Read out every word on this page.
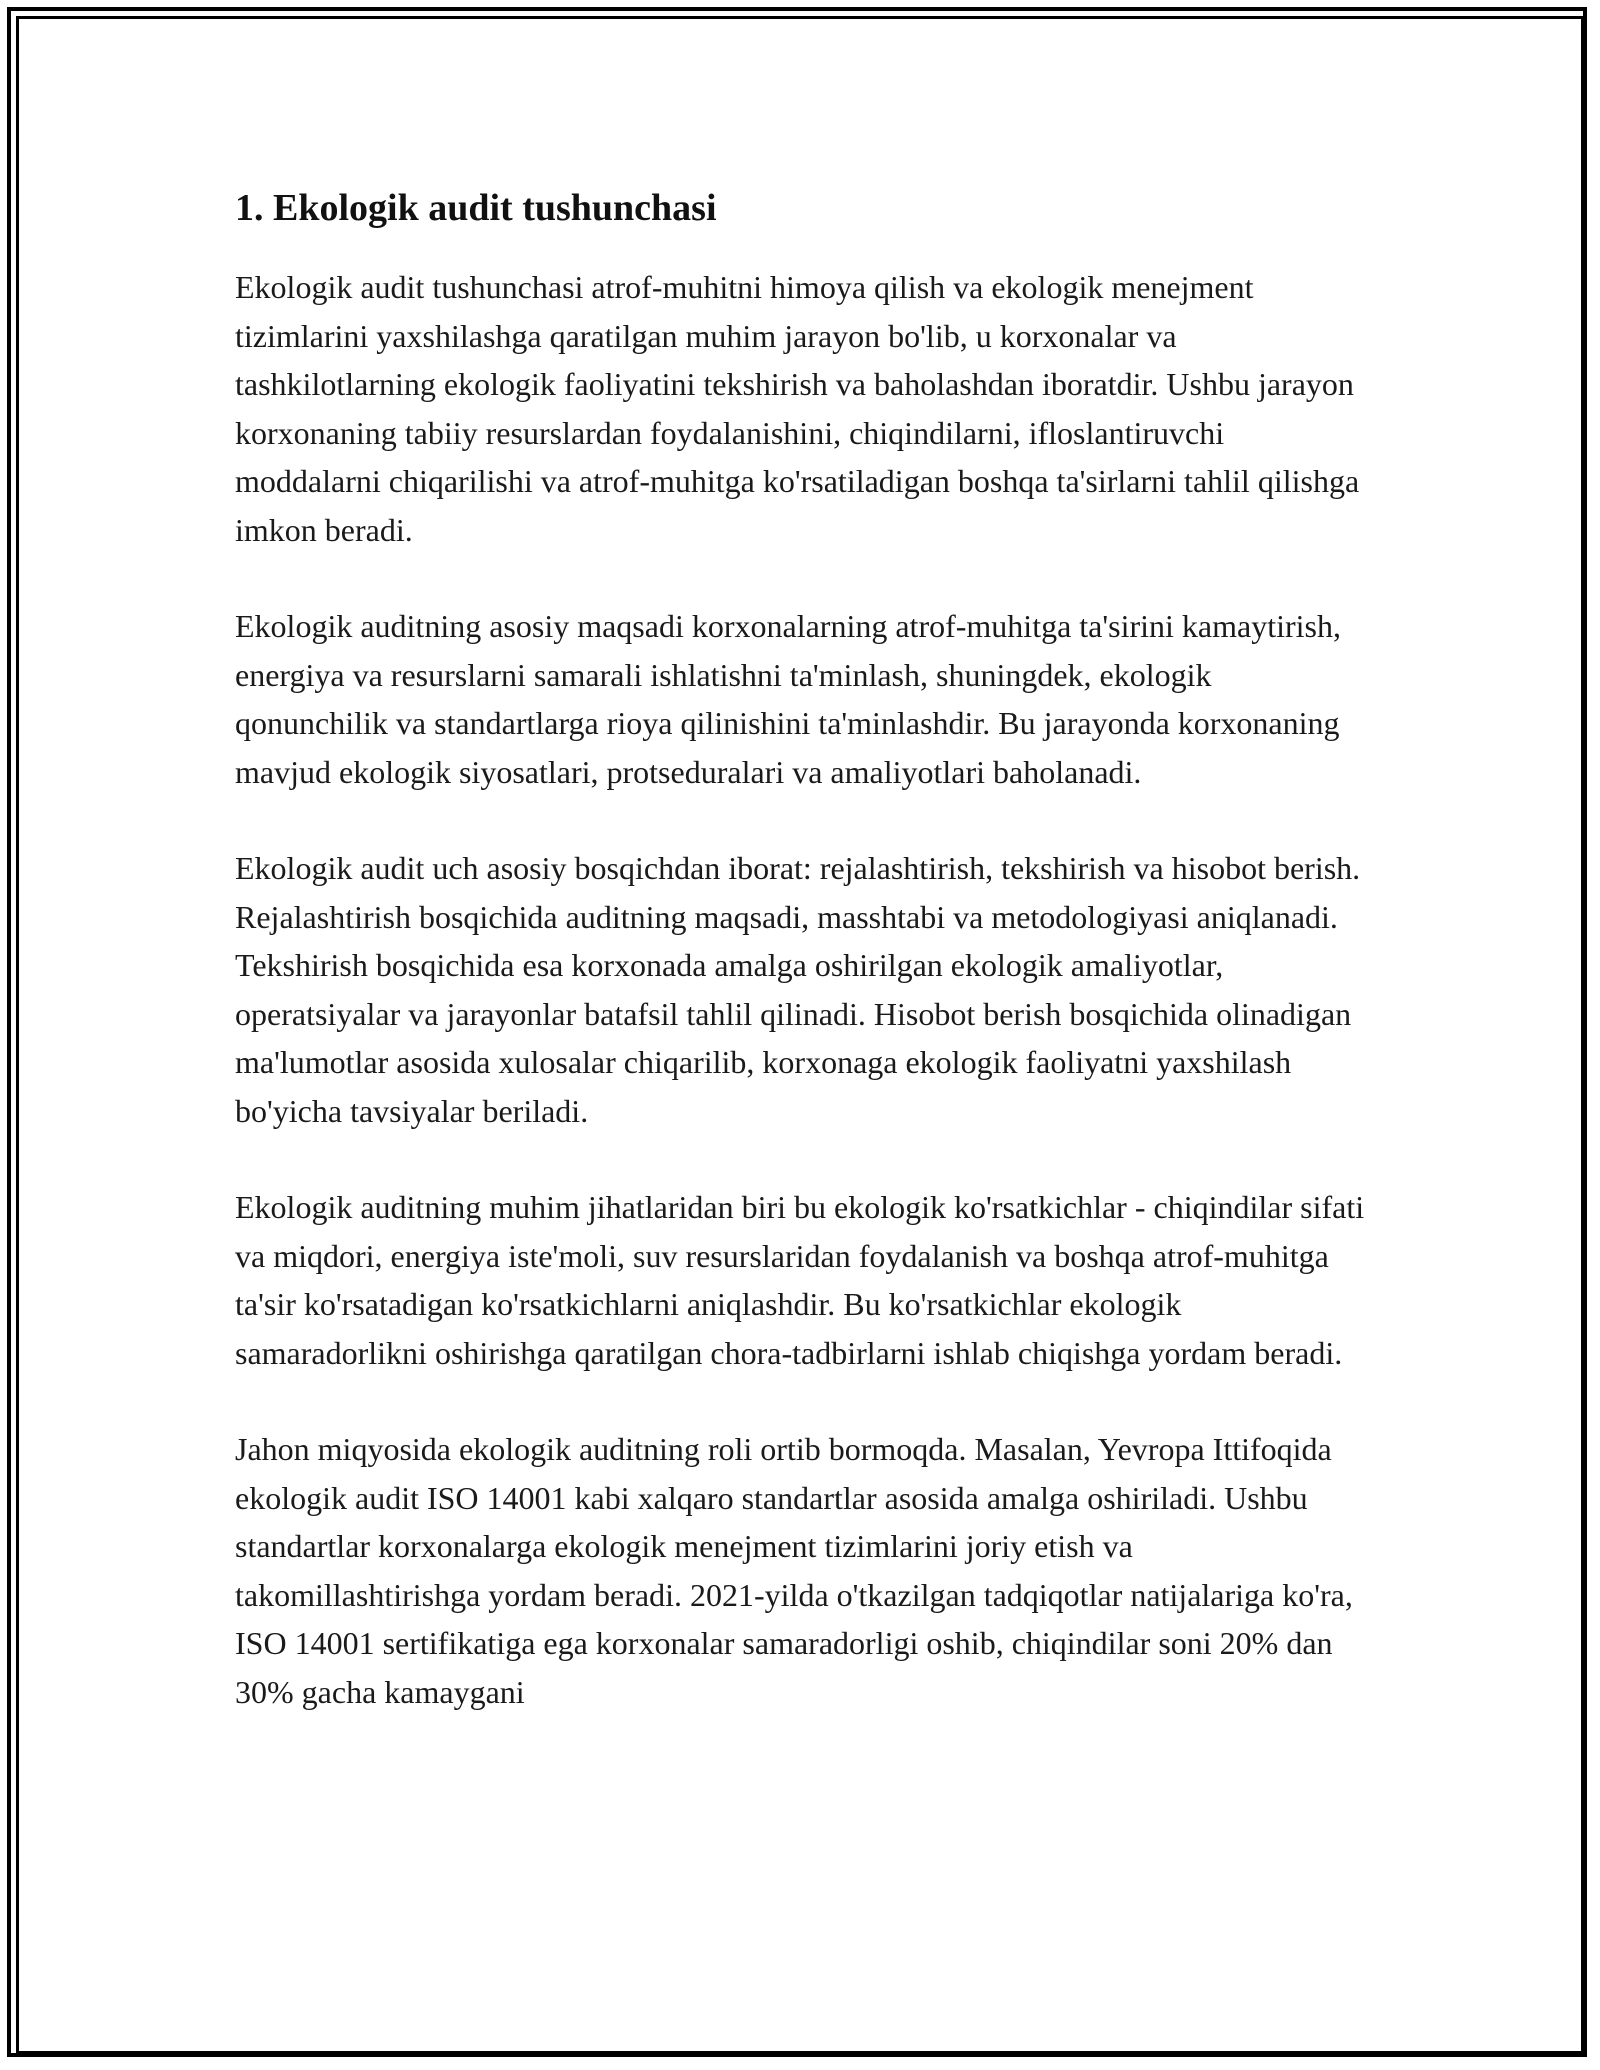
1. Ekologik audit tushunchasi

Ekologik audit tushunchasi atrof-muhitni himoya qilish va ekologik menejment tizimlarini yaxshilashga qaratilgan muhim jarayon bo'lib, u korxonalar va tashkilotlarning ekologik faoliyatini tekshirish va baholashdan iboratdir. Ushbu jarayon korxonaning tabiiy resurslardan foydalanishini, chiqindilarni, ifloslantiruvchi moddalarni chiqarilishi va atrof-muhitga ko'rsatiladigan boshqa ta'sirlarni tahlil qilishga imkon beradi.

Ekologik auditning asosiy maqsadi korxonalarning atrof-muhitga ta'sirini kamaytirish, energiya va resurslarni samarali ishlatishni ta'minlash, shuningdek, ekologik qonunchilik va standartlarga rioya qilinishini ta'minlashdir. Bu jarayonda korxonaning mavjud ekologik siyosatlari, protseduralari va amaliyotlari baholanadi.

Ekologik audit uch asosiy bosqichdan iborat: rejalashtirish, tekshirish va hisobot berish. Rejalashtirish bosqichida auditning maqsadi, masshtabi va metodologiyasi aniqlanadi. Tekshirish bosqichida esa korxonada amalga oshirilgan ekologik amaliyotlar, operatsiyalar va jarayonlar batafsil tahlil qilinadi. Hisobot berish bosqichida olinadigan ma'lumotlar asosida xulosalar chiqarilib, korxonaga ekologik faoliyatni yaxshilash bo'yicha tavsiyalar beriladi.

Ekologik auditning muhim jihatlaridan biri bu ekologik ko'rsatkichlar - chiqindilar sifati va miqdori, energiya iste'moli, suv resurslaridan foydalanish va boshqa atrof-muhitga ta'sir ko'rsatadigan ko'rsatkichlarni aniqlashdir. Bu ko'rsatkichlar ekologik samaradorlikni oshirishga qaratilgan chora-tadbirlarni ishlab chiqishga yordam beradi.

Jahon miqyosida ekologik auditning roli ortib bormoqda. Masalan, Yevropa Ittifoqida ekologik audit ISO 14001 kabi xalqaro standartlar asosida amalga oshiriladi. Ushbu standartlar korxonalarga ekologik menejment tizimlarini joriy etish va takomillashtirishga yordam beradi. 2021-yilda o'tkazilgan tadqiqotlar natijalariga ko'ra, ISO 14001 sertifikatiga ega korxonalar samaradorligi oshib, chiqindilar soni 20% dan 30% gacha kamaygani
